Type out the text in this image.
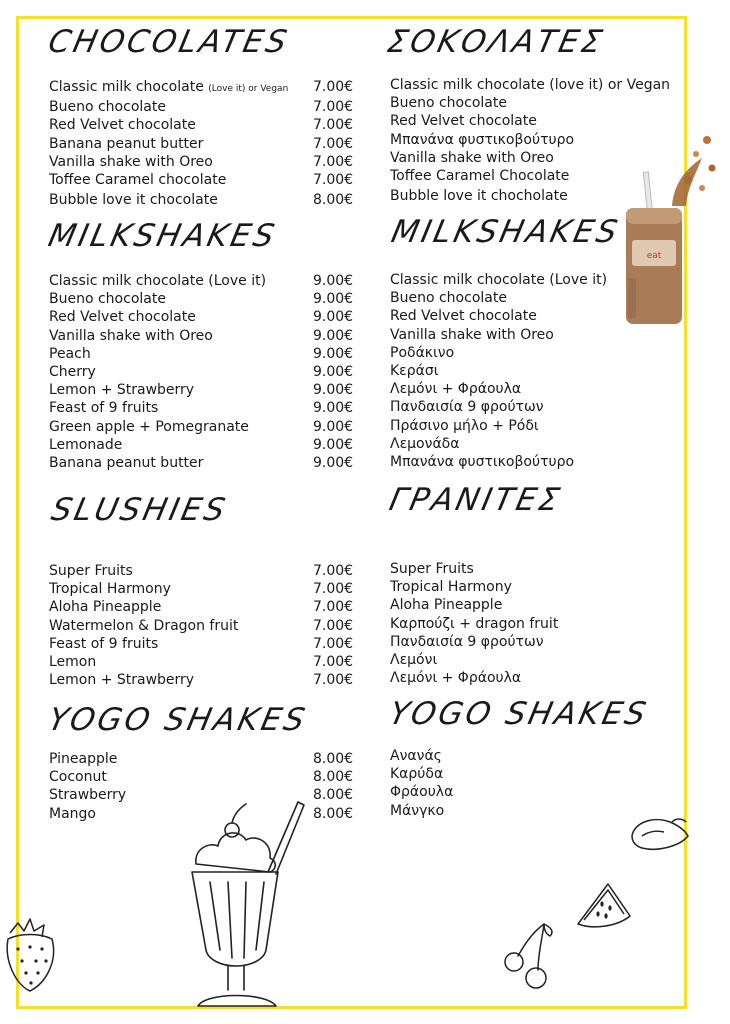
CHOCOLATES	ΣΟΚΟΛΑΤΕΣ
Classic milk chocolate (Love it) or Vegan	7.00€
Bueno chocolate	7.00€
Red Velvet chocolate	7.00€
Banana peanut butter	7.00€
Vanilla shake with Oreo	7.00€
Toffee Caramel chocolate	7.00€
Bubble love it chocolate	8.00€
Classic milk chocolate (love it) or Vegan
Bueno chocolate
Red Velvet chocolate
Μπανάνα φυστικοβούτυρο
Vanilla shake with Oreo
Toffee Caramel Chocolate
Bubble love it chocholate
MILKSHAKES	MILKSHAKES
Classic milk chocolate (Love it)	9.00€
Bueno chocolate	9.00€
Red Velvet chocolate	9.00€
Vanilla shake with Oreo	9.00€
Peach	9.00€
Cherry	9.00€
Lemon + Strawberry	9.00€
Feast of 9 fruits	9.00€
Green apple + Pomegranate	9.00€
Lemonade	9.00€
Banana peanut butter	9.00€
Classic milk chocolate (Love it)
Bueno chocolate
Red Velvet chocolate
Vanilla shake with Oreo
Ροδάκινο
Κεράσι
Λεμόνι + Φράουλα
Πανδαισία 9 φρούτων
Πράσινο μήλο + Ρόδι
Λεμονάδα
Μπανάνα φυστικοβούτυρο
SLUSHIES	ΓΡΑΝΙΤΕΣ
Super Fruits	7.00€
Tropical Harmony	7.00€
Aloha Pineapple	7.00€
Watermelon & Dragon fruit	7.00€
Feast of 9 fruits	7.00€
Lemon	7.00€
Lemon + Strawberry	7.00€
Super Fruits
Tropical Harmony
Aloha Pineapple
Καρπούζι + dragon fruit
Πανδαισία 9 φρούτων
Λεμόνι
Λεμόνι + Φράουλα
YOGO SHAKES YOGO SHAKES
Pineapple	8.00€
Coconut	8.00€
Strawberry	8.00€
Mango	8.00€
Ανανάς
Καρύδα
Φράουλα
Μάνγκο
eat
